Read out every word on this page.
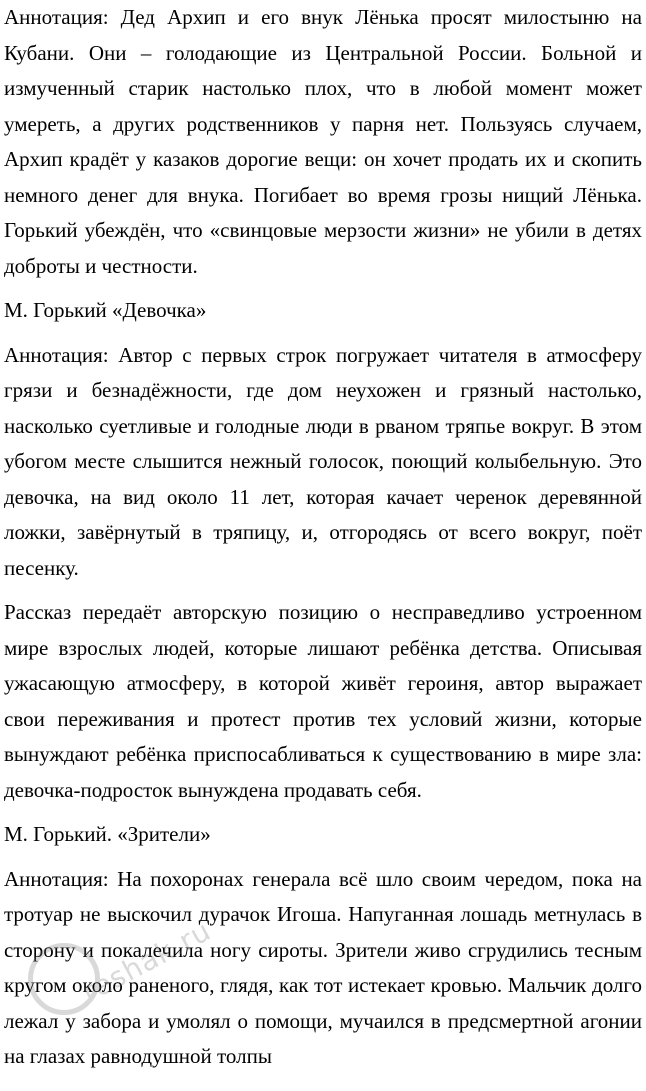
Аннотация: Дед Архип и его внук Лёнька просят милостыню на Кубани. Они – голодающие из Центральной России. Больной и измученный старик настолько плох, что в любой момент может умереть, а других родственников у парня нет. Пользуясь случаем, Архип крадёт у казаков дорогие вещи: он хочет продать их и скопить немного денег для внука. Погибает во время грозы нищий Лёнька. Горький убеждён, что «свинцовые мерзости жизни» не убили в детях доброты и честности.

М. Горький «Девочка»

Аннотация: Автор с первых строк погружает читателя в атмосферу грязи и безнадёжности, где дом неухожен и грязный настолько, насколько суетливые и голодные люди в рваном тряпье вокруг. В этом убогом месте слышится нежный голосок, поющий колыбельную. Это девочка, на вид около 11 лет, которая качает черенок деревянной ложки, завёрнутый в тряпицу, и, отгородясь от всего вокруг, поёт песенку.

Рассказ передаёт авторскую позицию о несправедливо устроенном мире взрослых людей, которые лишают ребёнка детства. Описывая ужасающую атмосферу, в которой живёт героиня, автор выражает свои переживания и протест против тех условий жизни, которые вынуждают ребёнка приспосабливаться к существованию в мире зла: девочка-подросток вынуждена продавать себя.

М. Горький. «Зрители»

Аннотация: На похоронах генерала всё шло своим чередом, пока на тротуар не выскочил дурачок Игоша. Напуганная лошадь метнулась в сторону и покалечила ногу сироты. Зрители живо сгрудились тесным кругом около раненого, глядя, как тот истекает кровью. Мальчик долго лежал у забора и умолял о помощи, мучаился в предсмертной агонии на глазах равнодушной толпы

reshak.ru
